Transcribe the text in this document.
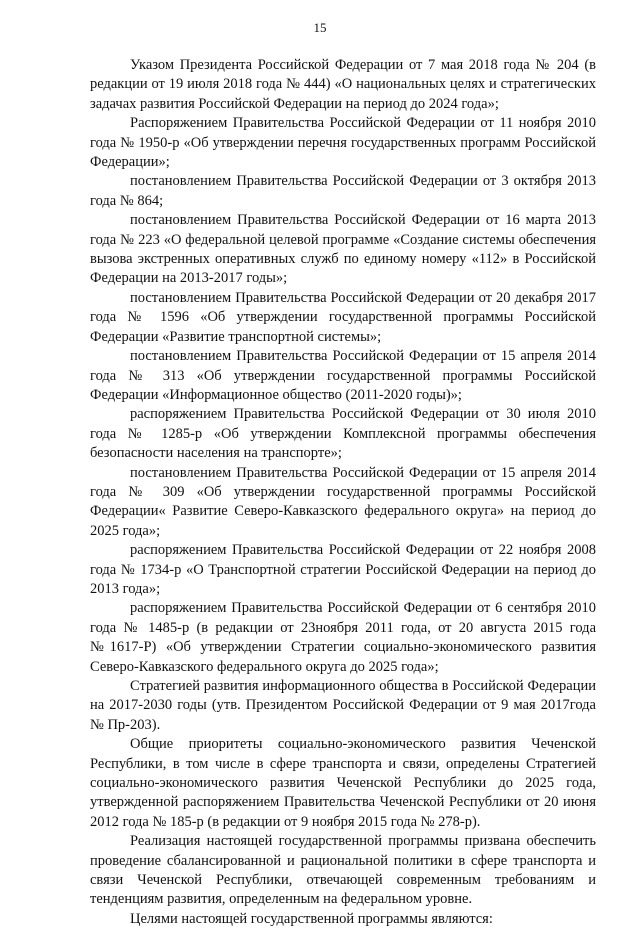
15

Указом Президента Российской Федерации от 7 мая 2018 года № 204 (в редакции от 19 июля 2018 года № 444) «О национальных целях и стратегических задачах развития Российской Федерации на период до 2024 года»;

Распоряжением Правительства Российской Федерации от 11 ноября 2010 года № 1950-р «Об утверждении перечня государственных программ Российской Федерации»;

постановлением Правительства Российской Федерации от 3 октября 2013 года № 864;

постановлением Правительства Российской Федерации от 16 марта 2013 года № 223 «О федеральной целевой программе «Создание системы обеспечения вызова экстренных оперативных служб по единому номеру «112» в Российской Федерации на 2013-2017 годы»;

постановлением Правительства Российской Федерации от 20 декабря 2017 года № 1596 «Об утверждении государственной программы Российской Федерации «Развитие транспортной системы»;

постановлением Правительства Российской Федерации от 15 апреля 2014 года № 313 «Об утверждении государственной программы Российской Федерации «Информационное общество (2011-2020 годы)»;

распоряжением Правительства Российской Федерации от 30 июля 2010 года № 1285-р «Об утверждении Комплексной программы обеспечения безопасности населения на транспорте»;

постановлением Правительства Российской Федерации от 15 апреля 2014 года № 309 «Об утверждении государственной программы Российской Федерации« Развитие Северо-Кавказского федерального округа» на период до 2025 года»;

распоряжением Правительства Российской Федерации от 22 ноября 2008 года № 1734-р «О Транспортной стратегии Российской Федерации на период до 2013 года»;

распоряжением Правительства Российской Федерации от 6 сентября 2010 года № 1485-р (в редакции от 23ноября 2011 года, от 20 августа 2015 года №1617-Р) «Об утверждении Стратегии социально-экономического развития Северо-Кавказского федерального округа до 2025 года»;

Стратегией развития информационного общества в Российской Федерации на 2017-2030 годы (утв. Президентом Российской Федерации от 9 мая 2017года № Пр-203).

Общие приоритеты социально-экономического развития Чеченской Республики, в том числе в сфере транспорта и связи, определены Стратегией социально-экономического развития Чеченской Республики до 2025 года, утвержденной распоряжением Правительства Чеченской Республики от 20 июня 2012 года № 185-р (в редакции от 9 ноября 2015 года № 278-р).

Реализация настоящей государственной программы призвана обеспечить проведение сбалансированной и рациональной политики в сфере транспорта и связи Чеченской Республики, отвечающей современным требованиям и тенденциям развития, определенным на федеральном уровне.

Целями настоящей государственной программы являются:
